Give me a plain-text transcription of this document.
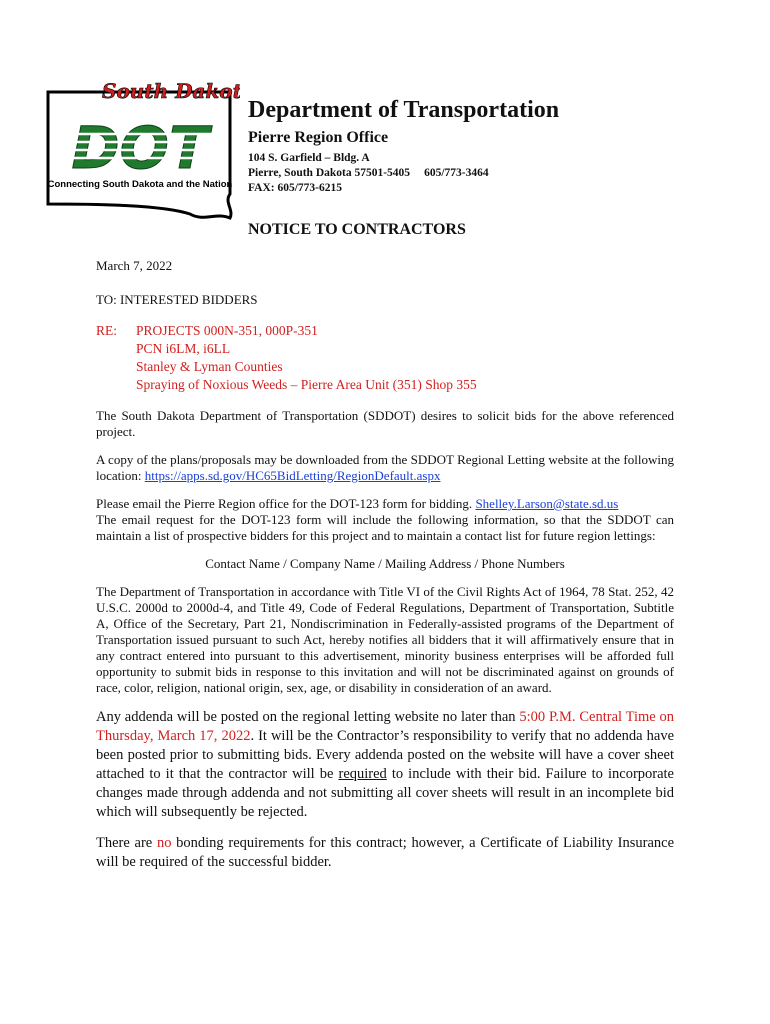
South Dakota
DOT
Connecting South Dakota and the Nation
Department of Transportation
Pierre Region Office
104 S. Garfield – Bldg. A
Pierre, South Dakota 57501-5405 605/773-3464
FAX: 605/773-6215
NOTICE TO CONTRACTORS
March 7, 2022
TO: INTERESTED BIDDERS
RE:	PROJECTS 000N-351, 000P-351
PCN i6LM, i6LL
Stanley & Lyman Counties
Spraying of Noxious Weeds – Pierre Area Unit (351) Shop 355

The South Dakota Department of Transportation (SDDOT) desires to solicit bids for the above referenced project.

A copy of the plans/proposals may be downloaded from the SDDOT Regional Letting website at the following location: https://apps.sd.gov/HC65BidLetting/RegionDefault.aspx

Please email the Pierre Region office for the DOT-123 form for bidding. Shelley.Larson@state.sd.us
The email request for the DOT-123 form will include the following information, so that the SDDOT can maintain a list of prospective bidders for this project and to maintain a contact list for future region lettings:

Contact Name / Company Name / Mailing Address / Phone Numbers

The Department of Transportation in accordance with Title VI of the Civil Rights Act of 1964, 78 Stat. 252, 42 U.S.C. 2000d to 2000d-4, and Title 49, Code of Federal Regulations, Department of Transportation, Subtitle A, Office of the Secretary, Part 21, Nondiscrimination in Federally-assisted programs of the Department of Transportation issued pursuant to such Act, hereby notifies all bidders that it will affirmatively ensure that in any contract entered into pursuant to this advertisement, minority business enterprises will be afforded full opportunity to submit bids in response to this invitation and will not be discriminated against on grounds of race, color, religion, national origin, sex, age, or disability in consideration of an award.

Any addenda will be posted on the regional letting website no later than 5:00 P.M. Central Time on Thursday, March 17, 2022. It will be the Contractor’s responsibility to verify that no addenda have been posted prior to submitting bids. Every addenda posted on the website will have a cover sheet attached to it that the contractor will be required to include with their bid. Failure to incorporate changes made through addenda and not submitting all cover sheets will result in an incomplete bid which will subsequently be rejected.

There are no bonding requirements for this contract; however, a Certificate of Liability Insurance will be required of the successful bidder.
